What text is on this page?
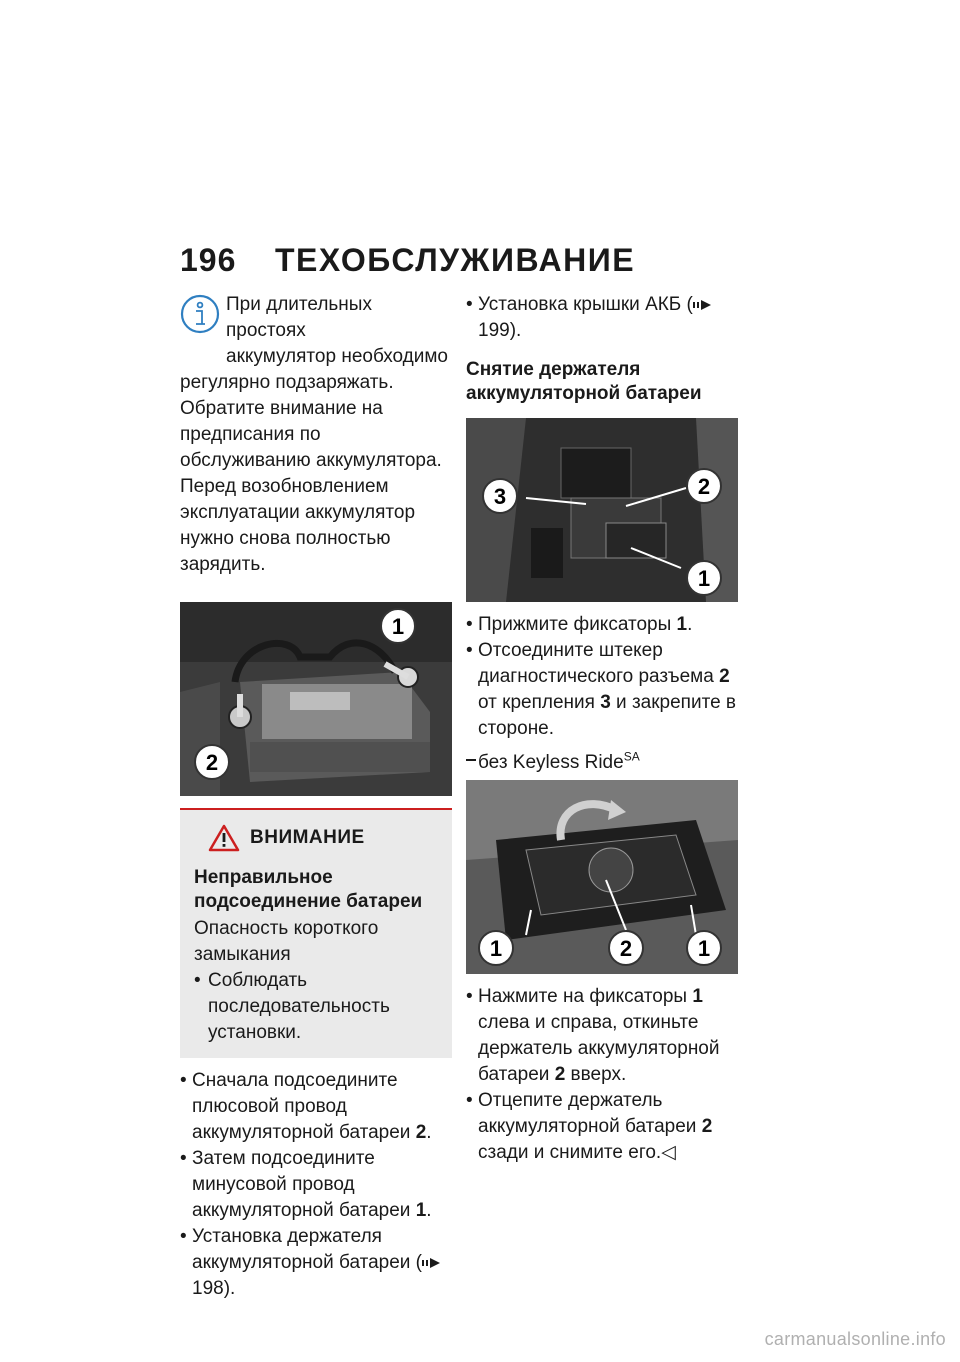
196 ТЕХОБСЛУЖИВАНИЕ

При длительных простоях

аккумулятор необходимо

регулярно подзаряжать. Обратите внимание на предписания по обслуживанию аккумулятора. Перед возобновлением эксплуатации аккумулятор нужно снова полностью зарядить.

1
2
ВНИМАНИЕ

Неправильное подсоединение батареи

Опасность короткого замыкания

• Соблюдать последовательность установки.

• Сначала подсоедините плюсовой провод аккумуляторной батареи 2.

• Затем подсоедините минусовой провод аккумуляторной батареи 1.

• Установка держателя аккумуляторной батареи ( 198).

• Установка крышки АКБ ( 199).

Снятие держателя аккумуляторной батареи

3	2
1

• Прижмите фиксаторы 1.

• Отсоедините штекер диагностического разъема 2 от крепления 3 и закрепите в стороне.

без Keyless Ride$^{SA}$

1	2	1

• Нажмите на фиксаторы 1 слева и справа, откиньте держатель аккумуляторной батареи 2 вверх.

• Отцепите держатель аккумуляторной батареи 2 сзади и снимите его.◁

carmanualsonline.info
